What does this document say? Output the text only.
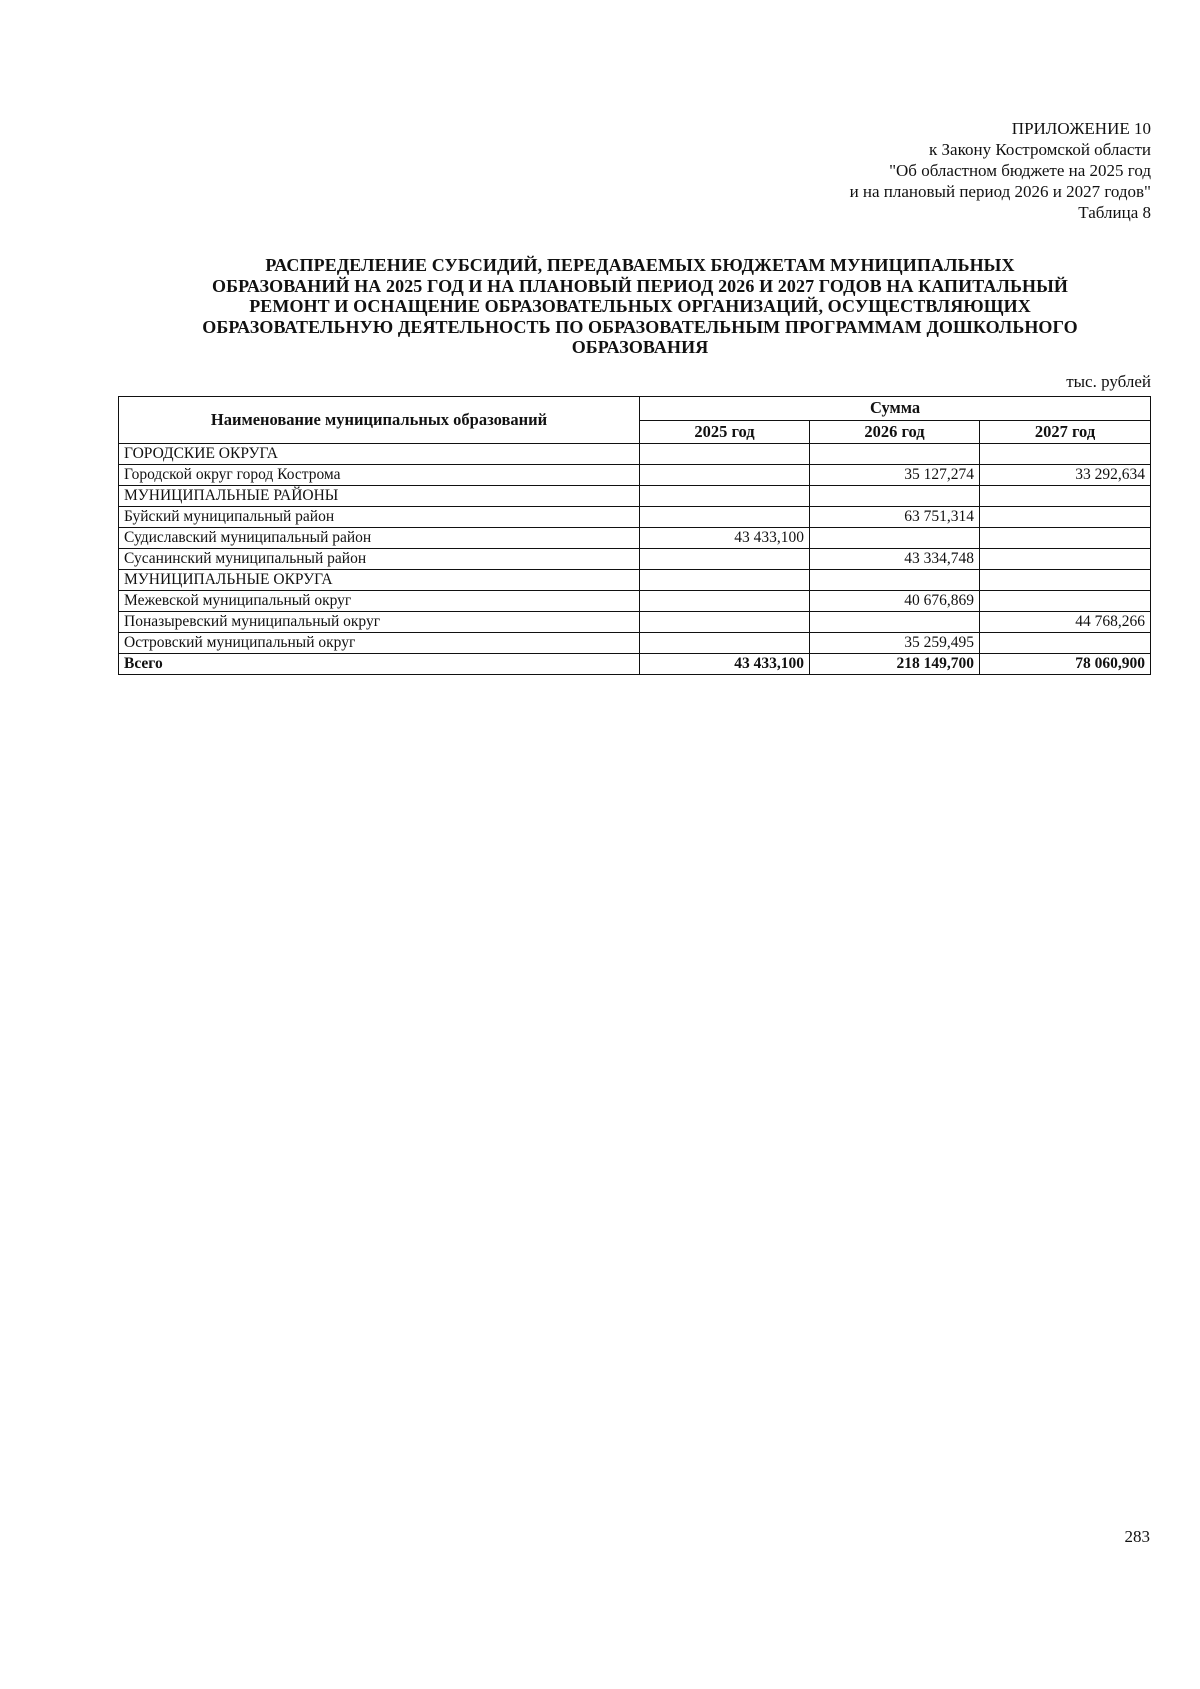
ПРИЛОЖЕНИЕ 10
к Закону Костромской области
"Об областном бюджете на 2025 год
и на плановый период 2026 и 2027 годов"
Таблица 8
РАСПРЕДЕЛЕНИЕ СУБСИДИЙ, ПЕРЕДАВАЕМЫХ БЮДЖЕТАМ МУНИЦИПАЛЬНЫХ
ОБРАЗОВАНИЙ НА 2025 ГОД И НА ПЛАНОВЫЙ ПЕРИОД 2026 И 2027 ГОДОВ НА КАПИТАЛЬНЫЙ
РЕМОНТ И ОСНАЩЕНИЕ ОБРАЗОВАТЕЛЬНЫХ ОРГАНИЗАЦИЙ, ОСУЩЕСТВЛЯЮЩИХ
ОБРАЗОВАТЕЛЬНУЮ ДЕЯТЕЛЬНОСТЬ ПО ОБРАЗОВАТЕЛЬНЫМ ПРОГРАММАМ ДОШКОЛЬНОГО
ОБРАЗОВАНИЯ
тыс. рублей
Наименование муниципальных образований	Сумма		
	2025 год	2026 год	2027 год
ГОРОДСКИЕ ОКРУГА			
Городской округ город Кострома		35 127,274	33 292,634
МУНИЦИПАЛЬНЫЕ РАЙОНЫ			
Буйский муниципальный район		63 751,314	
Судиславский муниципальный район	43 433,100		
Сусанинский муниципальный район		43 334,748	
МУНИЦИПАЛЬНЫЕ ОКРУГА			
Межевской муниципальный округ		40 676,869	
Поназыревский муниципальный округ			44 768,266
Островский муниципальный округ		35 259,495	
Всего	43 433,100	218 149,700	78 060,900
283
